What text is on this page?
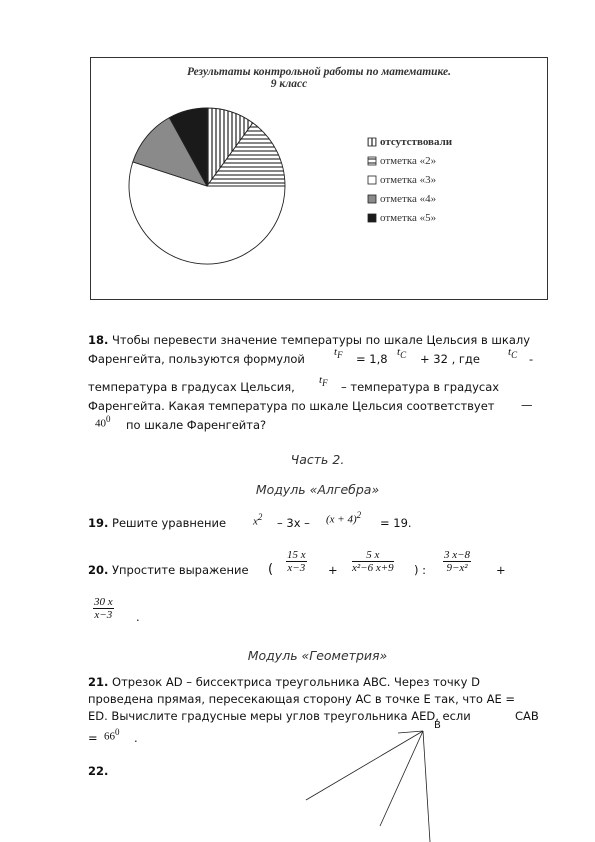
Результаты контрольной работы по математике.
9 класс
отсутствовали
отметка «2»
отметка «3»
отметка «4»
отметка «5»
18. Чтобы перевести значение температуры по шкале Цельсия в шкалу
Фаренгейта, пользуются формулой	$t_F = 1,8$ $t_C + 32$ , где	$t_C$ -
температура в градусах Цельсия, $t_F$ – температура в градусах
Фаренгейта. Какая температура по шкале Цельсия соответствует —
$40^0$ по шкале Фаренгейта?
Часть 2.
Модуль «Алгебра»
19. Решите уравнение $x^2 - 3x - (x + 4)^2$
= 19.
20. Упростите выражение ( $\frac{15 x}{x-3} + \frac{5 x}{\text{x²−6 x+9}}$ ) : $\frac{3 x-8}{\text{9−x²}}$ +
$\frac{30 x}{x-3}$ .
Модуль «Геометрия»
21. Отрезок AD – биссектриса треугольника ABC. Через точку D
проведена прямая, пересекающая сторону AC в точке E так, что AE =
ED. Вычислите градусные меры углов треугольника AED, если	CAB
= $66^0$ .
B
22.
